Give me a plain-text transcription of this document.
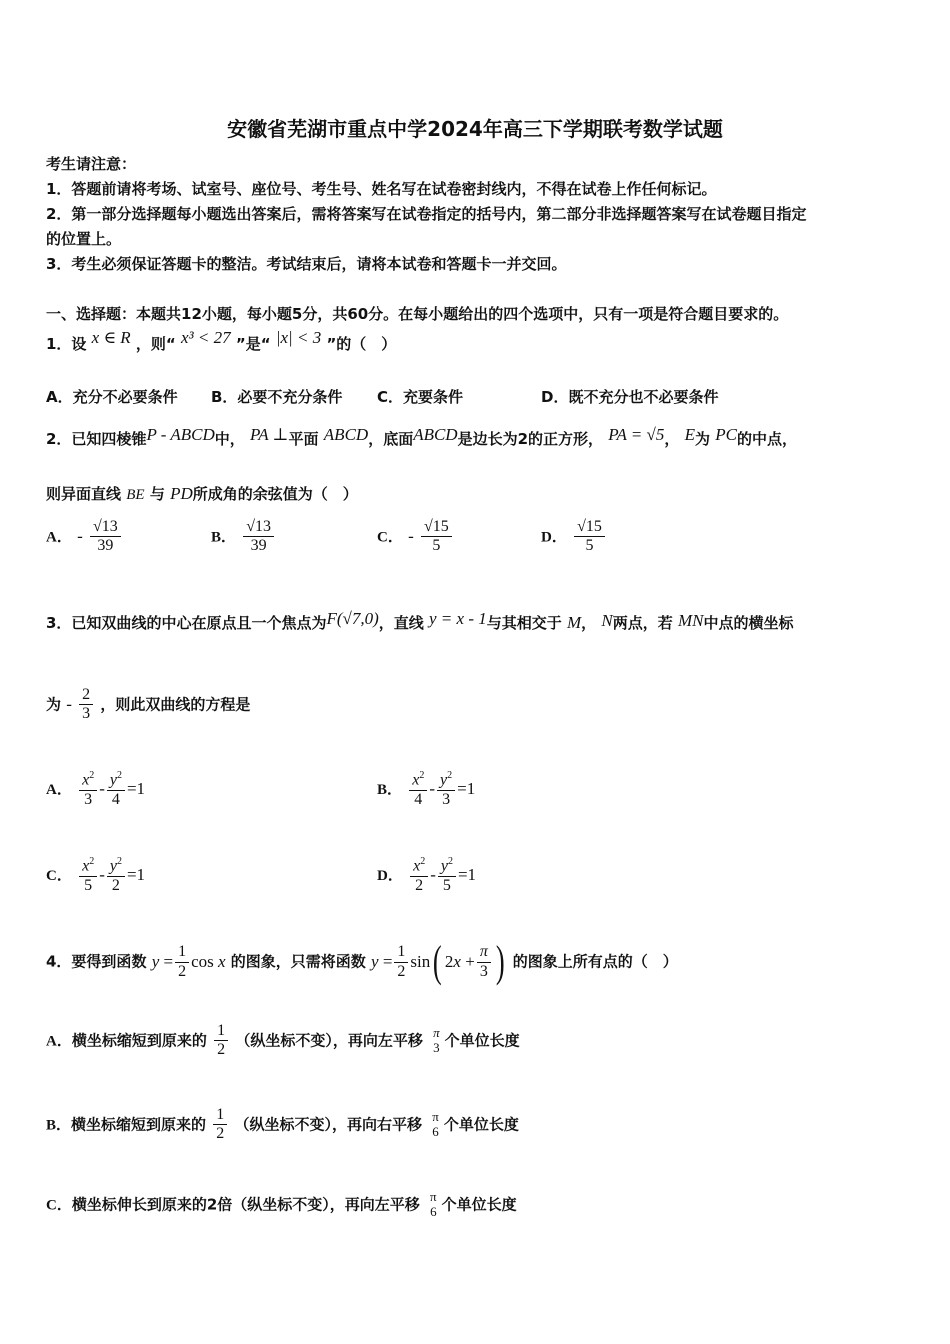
安徽省芜湖市重点中学2024年高三下学期联考数学试题
考生请注意：
1．答题前请将考场、试室号、座位号、考生号、姓名写在试卷密封线内，不得在试卷上作任何标记。
2．第一部分选择题每小题选出答案后，需将答案写在试卷指定的括号内，第二部分非选择题答案写在试卷题目指定
的位置上。
3．考生必须保证答题卡的整洁。考试结束后，请将本试卷和答题卡一并交回。
一、选择题：本题共12小题，每小题5分，共60分。在每小题给出的四个选项中，只有一项是符合题目要求的。
1．设 x ∈ R ，则“ x³ < 27 ”是“ |x| < 3 ”的（　）
A．充分不必要条件 B．必要不充分条件 C．充要条件	D．既不充分也不必要条件
2．已知四棱锥P - ABCD中， PA ⊥平面 ABCD，底面ABCD是边长为2的正方形， PA = √5， E为 PC的中点，
则异面直线 BE 与 PD所成角的余弦值为（　）
A． - $\frac{√13}{39}$	B． $\frac{√13}{39}$	C． - $\frac{√15}{5}$	D． $\frac{√15}{5}$
3．已知双曲线的中心在原点且一个焦点为F(√7,0)，直线 y = x - 1与其相交于 M， N两点，若 MN中点的横坐标
为 - $\frac{2}{3}$ ，则此双曲线的方程是
A． $\frac{x^2}{3} - \frac{y^2}{4} =1$	B． $\frac{x^2}{4} - \frac{y^2}{3} =1$
C． $\frac{x^2}{5} - \frac{y^2}{2} =1$	D． $\frac{x^2}{2} - \frac{y^2}{5} =1$
4．要得到函数 $y = \frac{1}{2}$ cos x 的图象，只需将函数 $y = \frac{1}{2} \sin$( $2x + \frac{\pi}{3}$ ) 的图象上所有点的（　）
A．横坐标缩短到原来的 $\frac{1}{2}$ （纵坐标不变），再向左平移 π
3 个单位长度
B．横坐标缩短到原来的 $\frac{1}{2}$ （纵坐标不变），再向右平移 π
6 个单位长度
C．横坐标伸长到原来的2倍（纵坐标不变），再向左平移 π
6 个单位长度
